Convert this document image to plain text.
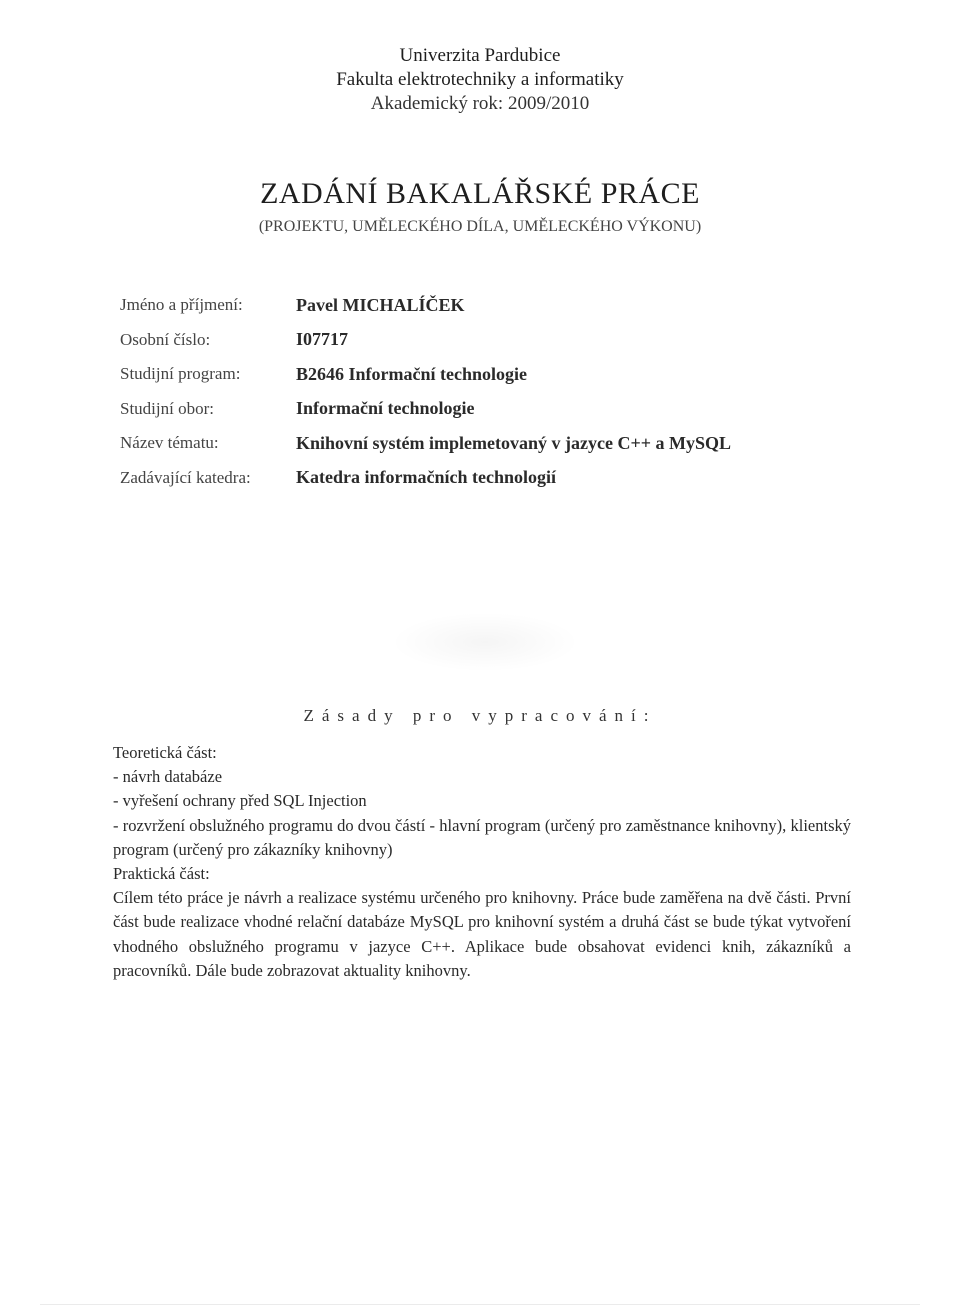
Univerzita Pardubice
Fakulta elektrotechniky a informatiky
Akademický rok: 2009/2010
ZADÁNÍ BAKALÁŘSKÉ PRÁCE
(PROJEKTU, UMĚLECKÉHO DÍLA, UMĚLECKÉHO VÝKONU)
Jméno a příjmení:	Pavel MICHALÍČEK
Osobní číslo:	I07717
Studijní program:	B2646 Informační technologie
Studijní obor:	Informační technologie
Název tématu:	Knihovní systém implemetovaný v jazyce C++ a MySQL
Zadávající katedra:	Katedra informačních technologií
Zásady pro vypracování:

Teoretická část:

- návrh databáze

- vyřešení ochrany před SQL Injection

- rozvržení obslužného programu do dvou částí - hlavní program (určený pro zaměstnance knihovny), klientský program (určený pro zákazníky knihovny)

Praktická část:

Cílem této práce je návrh a realizace systému určeného pro knihovny. Práce bude zaměřena na dvě části. První část bude realizace vhodné relační databáze MySQL pro knihovní systém a druhá část se bude týkat vytvoření vhodného obslužného programu v jazyce C++. Aplikace bude obsahovat evidenci knih, zákazníků a pracovníků. Dále bude zobrazovat aktuality knihovny.
